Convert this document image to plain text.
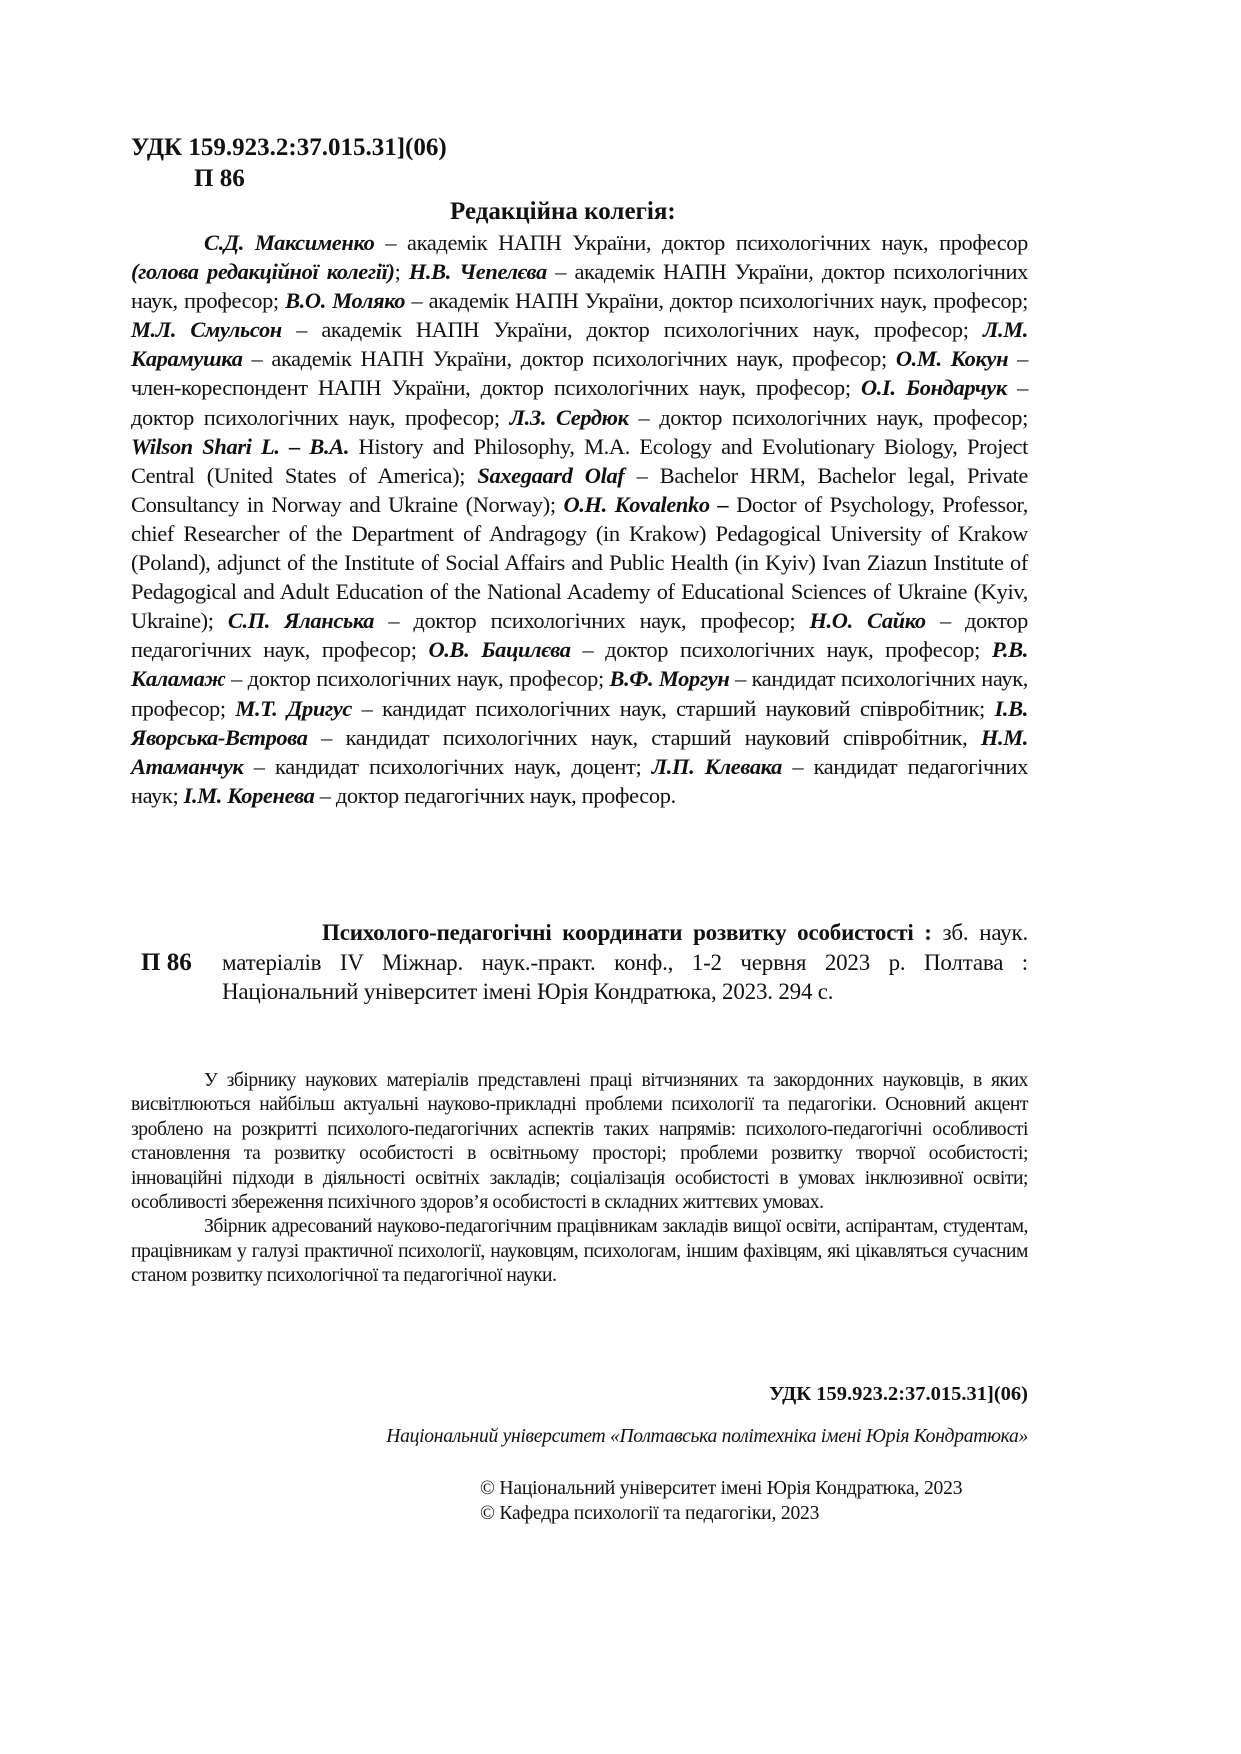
УДК 159.923.2:37.015.31](06)
П 86
Редакційна колегія:
С.Д. Максименко – академік НАПН України, доктор психологічних наук, професор (голова редакційної колегії); Н.В. Чепелєва – академік НАПН України, доктор психологічних наук, професор; В.О. Моляко – академік НАПН України, доктор психологічних наук, професор; М.Л. Смульсон – академік НАПН України, доктор психологічних наук, професор; Л.М. Карамушка – академік НАПН України, доктор психологічних наук, професор; О.М. Кокун – член-кореспондент НАПН України, доктор психологічних наук, професор; О.І. Бондарчук – доктор психологічних наук, професор; Л.З. Сердюк – доктор психологічних наук, професор; Wilson Shari L. – B.A. History and Philosophy, M.A. Ecology and Evolutionary Biology, Project Central (United States of America); Saxegaard Olaf – Bachelor HRM, Bachelor legal, Private Consultancy in Norway and Ukraine (Norway); O.H. Kovalenko – Doctor of Psychology, Professor, chief Researcher of the Department of Andragogy (in Krakow) Pedagogical University of Krakow (Poland), adjunct of the Institute of Social Affairs and Public Health (in Kyiv) Ivan Ziazun Institute of Pedagogical and Adult Education of the National Academy of Educational Sciences of Ukraine (Kyiv, Ukraine); С.П. Яланська – доктор психологічних наук, професор; Н.О. Сайко – доктор педагогічних наук, професор; О.В. Бацилєва – доктор психологічних наук, професор; Р.В. Каламаж – доктор психологічних наук, професор; В.Ф. Моргун – кандидат психологічних наук, професор; М.Т. Дригус – кандидат психологічних наук, старший науковий співробітник; І.В. Яворська-Вєтрова – кандидат психологічних наук, старший науковий співробітник, Н.М. Атаманчук – кандидат психологічних наук, доцент; Л.П. Клевака – кандидат педагогічних наук; І.М. Коренева – доктор педагогічних наук, професор.
П 86
Психолого-педагогічні координати розвитку особистості : зб. наук. матеріалів IV Міжнар. наук.-практ. конф., 1-2 червня 2023 р. Полтава : Національний університет імені Юрія Кондратюка, 2023. 294 с.

У збірнику наукових матеріалів представлені праці вітчизняних та закордонних науковців, в яких висвітлюються найбільш актуальні науково-прикладні проблеми психології та педагогіки. Основний акцент зроблено на розкритті психолого-педагогічних аспектів таких напрямів: психолого-педагогічні особливості становлення та розвитку особистості в освітньому просторі; проблеми розвитку творчої особистості; інноваційні підходи в діяльності освітніх закладів; соціалізація особистості в умовах інклюзивної освіти; особливості збереження психічного здоров’я особистості в складних життєвих умовах.

Збірник адресований науково-педагогічним працівникам закладів вищої освіти, аспірантам, студентам, працівникам у галузі практичної психології, науковцям, психологам, іншим фахівцям, які цікавляться сучасним станом розвитку психологічної та педагогічної науки.

УДК 159.923.2:37.015.31](06)
Національний університет «Полтавська політехніка імені Юрія Кондратюка»
© Національний університет імені Юрія Кондратюка, 2023
© Кафедра психології та педагогіки, 2023
